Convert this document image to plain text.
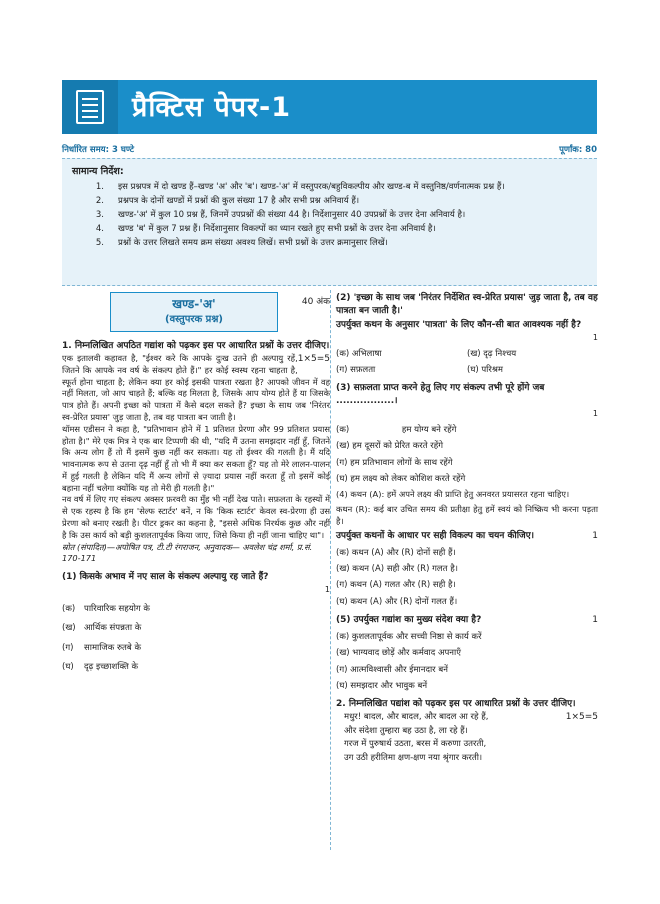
प्रैक्टिस पेपर-1
निर्धारित समय: 3 घण्टे	पूर्णांक: 80
सामान्य निर्देश:
1.	इस प्रश्नपत्र में दो खण्ड हैं–खण्ड 'अ' और 'ब'। खण्ड-'अ' में वस्तुपरक/बहुविकल्पीय और खण्ड-ब में वस्तुनिष्ठ/वर्णनात्मक प्रश्न हैं।
2.	प्रश्नपत्र के दोनों खण्डों में प्रश्नों की कुल संख्या 17 है और सभी प्रश्न अनिवार्य हैं।
3.	खण्ड-'अ' में कुल 10 प्रश्न हैं, जिनमें उपप्रश्नों की संख्या 44 है। निर्देशानुसार 40 उपप्रश्नों के उत्तर देना अनिवार्य है।
4.	खण्ड 'ब' में कुल 7 प्रश्न हैं। निर्देशानुसार विकल्पों का ध्यान रखते हुए सभी प्रश्नों के उत्तर देना अनिवार्य है।
5.	प्रश्नों के उत्तर लिखते समय क्रम संख्या अवश्य लिखें। सभी प्रश्नों के उत्तर क्रमानुसार लिखें।
खण्ड-'अ'
(वस्तुपरक प्रश्न)
40 अंक
1. निम्नलिखित अपठित गद्यांश को पढ़कर इस पर आधारित प्रश्नों के उत्तर दीजिए।
1×5=5

एक इतालवी कहावत है, "ईश्वर करे कि आपके दुःख उतने ही अल्पायु रहें, जितने कि आपके नव वर्ष के संकल्प होते हैं।" हर कोई स्वस्थ रहना चाहता है, स्फूर्त होना चाहता है; लेकिन क्या हर कोई इसकी पात्रता रखता है? आपको जीवन में वह नहीं मिलता, जो आप चाहते हैं; बल्कि वह मिलता है, जिसके आप योग्य होते हैं या जिसके पात्र होते हैं। अपनी इच्छा को पात्रता में कैसे बदल सकते हैं? इच्छा के साथ जब 'निरंतर स्व-प्रेरित प्रयास' जुड़ जाता है, तब वह पात्रता बन जाती है।

थॉमस एडीसन ने कहा है, "प्रतिभावान होने में 1 प्रतिशत प्रेरणा और 99 प्रतिशत प्रयास होता है।" मेरे एक मित्र ने एक बार टिप्पणी की थी, "यदि मैं उतना समझदार नहीं हूँ, जितने कि अन्य लोग हैं तो मैं इसमें कुछ नहीं कर सकता। यह तो ईश्वर की गलती है। मैं यदि भावनात्मक रूप से उतना दृढ़ नहीं हूँ तो भी मैं क्या कर सकता हूँ? यह तो मेरे लालन-पालन में हुई गलती है लेकिन यदि मैं अन्य लोगों से ज़्यादा प्रयास नहीं करता हूँ तो इसमें कोई बहाना नहीं चलेगा क्योंकि यह तो मेरी ही गलती है।"

नव वर्ष में लिए गए संकल्प अक्सर फ़रवरी का मुँह भी नहीं देख पाते। सफ़लता के रहस्यों में से एक रहस्य है कि हम 'सेल्फ स्टार्टर' बनें, न कि 'किक स्टार्टर' केवल स्व-प्रेरणा ही उस प्रेरणा को बनाए रखती है। पीटर ड्रकर का कहना है, "इससे अधिक निरर्थक कुछ और नहीं है कि उस कार्य को बड़ी कुशलतापूर्वक किया जाए, जिसे किया ही नहीं जाना चाहिए था"।

स्रोत (संपादित)—अपोषित पत्र, टी.टी रंगराजन, अनुवादक— अवलेश चंद्र शर्मा, प्र.सं. 170-171

(1) किसके अभाव में नए साल के संकल्प अल्पायु रह जाते हैं?
1
(क)	पारिवारिक सहयोग के
(ख) आर्थिक संपन्नता के
(ग)	सामाजिक रुतबे के
(घ)	दृढ़ इच्छाशक्ति के
(2) 'इच्छा के साथ जब 'निरंतर निर्देशित स्व-प्रेरित प्रयास' जुड़ जाता है, तब वह पात्रता बन जाती है।'
उपर्युक्त कथन के अनुसार 'पात्रता' के लिए कौन-सी बात आवश्यक नहीं है?
1
(क) अभिलाषा	(ख) दृढ़ निश्चय
(ग) सफ़लता	(घ) परिश्रम
(3) सफ़लता प्राप्त करने हेतु लिए गए संकल्प तभी पूरे होंगे जब .................।
1
(क)	हम योग्य बने रहेंगे
(ख) हम दूसरों को प्रेरित करते रहेंगे
(ग) हम प्रतिभावान लोगों के साथ रहेंगे
(घ) हम लक्ष्य को लेकर कोशिश करते रहेंगे

(4) कथन (A): हमें अपने लक्ष्य की प्राप्ति हेतु अनवरत प्रयासरत रहना चाहिए।

कथन (R): कई बार उचित समय की प्रतीक्षा हेतु हमें स्वयं को निष्क्रिय भी करना पड़ता है।

उपर्युक्त कथनों के आधार पर सही विकल्प का चयन कीजिए।	1
(क) कथन (A) और (R) दोनों सही हैं।
(ख) कथन (A) सही और (R) गलत है।
(ग) कथन (A) गलत और (R) सही है।
(घ) कथन (A) और (R) दोनों गलत हैं।
(5) उपर्युक्त गद्यांश का मुख्य संदेश क्या है?	1
(क) कुशलतापूर्वक और सच्ची निष्ठा से कार्य करें
(ख) भाग्यवाद छोड़ें और कर्मवाद अपनाएँ
(ग) आत्मविश्वासी और ईमानदार बनें
(घ) समझदार और भावुक बनें
2. निम्नलिखित पद्यांश को पढ़कर इस पर आधारित प्रश्नों के उत्तर दीजिए।
1×5=5
मधुर! बादल, और बादल, और बादल आ रहे हैं,
और संदेशा तुम्हारा बह उठा है, ला रहे हैं।
गरज में पुरुषार्थ उठता, बरस में करुणा उतरती,
उग उठी हरीतिमा क्षण-क्षण नया श्रृंगार करती।
